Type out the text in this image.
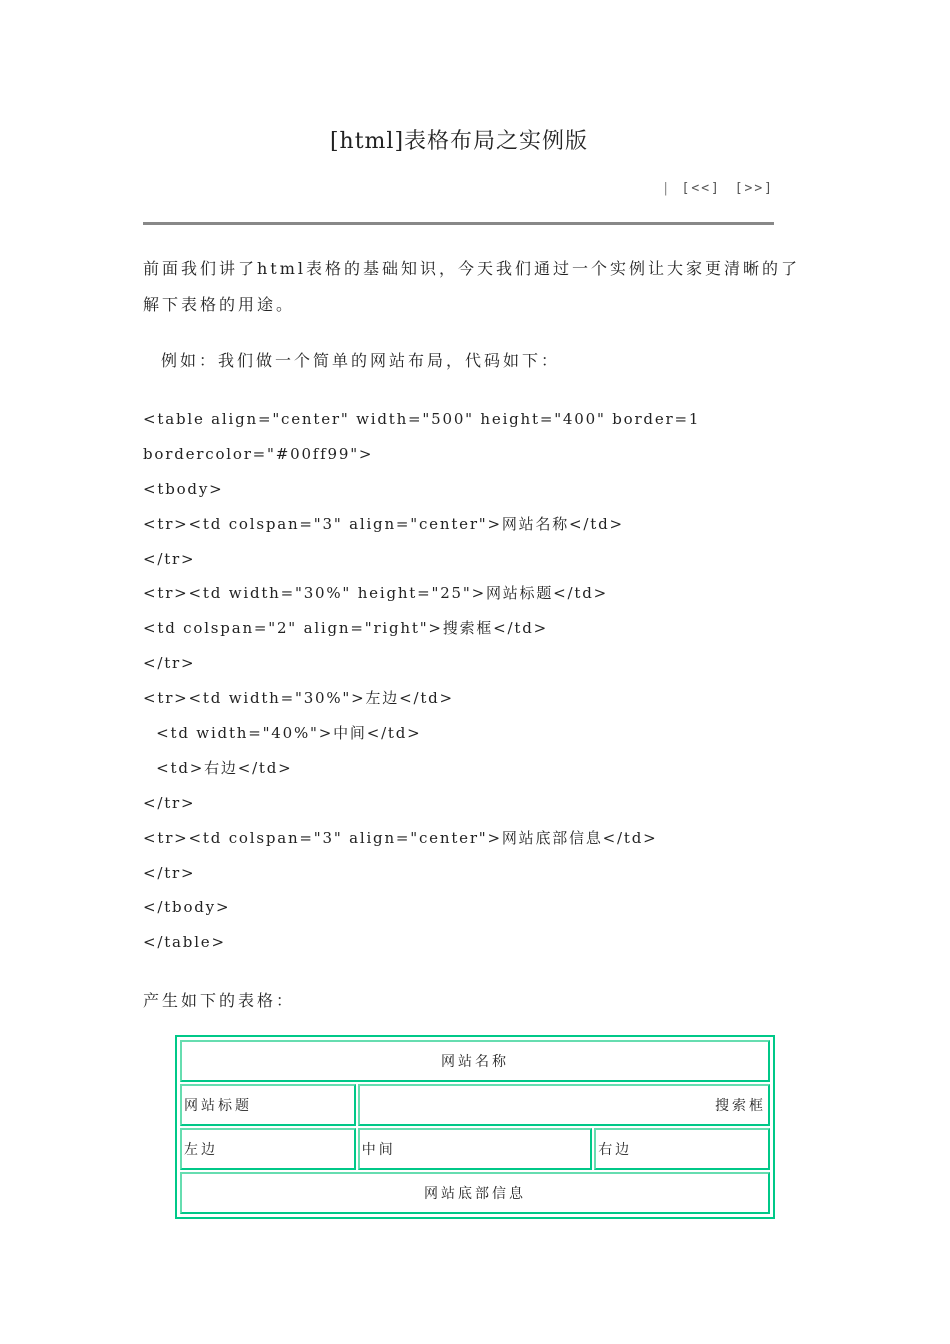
[html]表格布局之实例版
| [<<] [>>]
前面我们讲了html表格的基础知识，今天我们通过一个实例让大家更清晰的了解下表格的用途。
例如：我们做一个简单的网站布局，代码如下：
<table align="center" width="500" height="400" border=1
bordercolor="#00ff99">
<tbody>
<tr><td colspan="3" align="center">网站名称</td>
</tr>
<tr><td width="30%" height="25">网站标题</td>
<td colspan="2" align="right">搜索框</td>
</tr>
<tr><td width="30%">左边</td>
<td width="40%">中间</td>
<td>右边</td>
</tr>
<tr><td colspan="3" align="center">网站底部信息</td>
</tr>
</tbody>
</table>
产生如下的表格：
网站名称		
网站标题	搜索框	
左边	中间	右边
网站底部信息		
